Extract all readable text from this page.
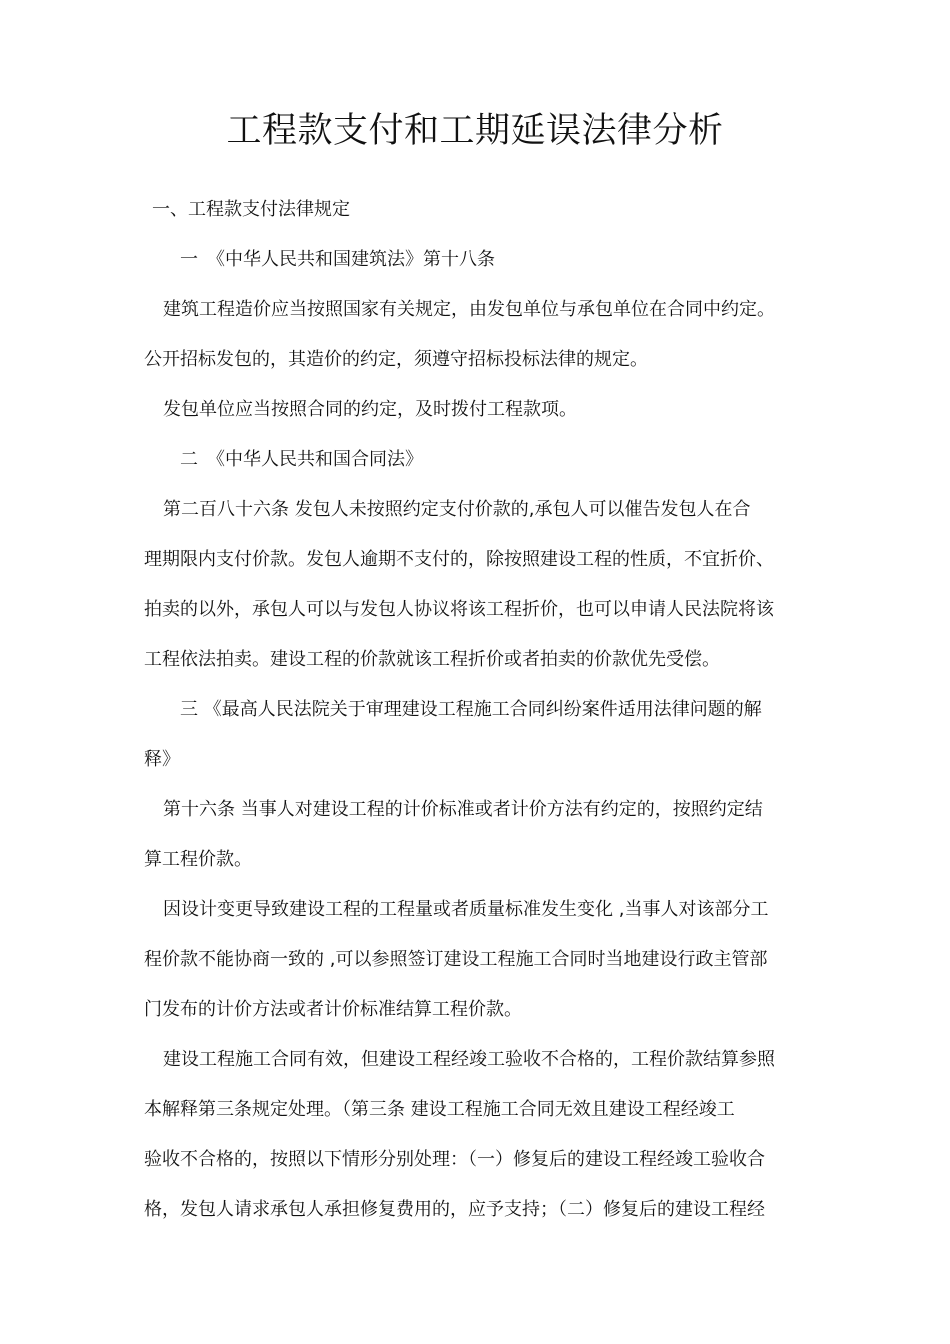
工程款支付和工期延误法律分析
一、工程款支付法律规定
一　《中华人民共和国建筑法》第十八条
建筑工程造价应当按照国家有关规定，由发包单位与承包单位在合同中约定。
公开招标发包的，其造价的约定，须遵守招标投标法律的规定。
发包单位应当按照合同的约定，及时拨付工程款项。
二　《中华人民共和国合同法》
第二百八十六条 发包人未按照约定支付价款的,承包人可以催告发包人在合
理期限内支付价款。发包人逾期不支付的，除按照建设工程的性质，不宜折价、
拍卖的以外，承包人可以与发包人协议将该工程折价，也可以申请人民法院将该
工程依法拍卖。建设工程的价款就该工程折价或者拍卖的价款优先受偿。
三 《最高人民法院关于审理建设工程施工合同纠纷案件适用法律问题的解
释》
第十六条 当事人对建设工程的计价标准或者计价方法有约定的，按照约定结
算工程价款。
因设计变更导致建设工程的工程量或者质量标准发生变化 ,当事人对该部分工
程价款不能协商一致的 ,可以参照签订建设工程施工合同时当地建设行政主管部
门发布的计价方法或者计价标准结算工程价款。
建设工程施工合同有效，但建设工程经竣工验收不合格的，工程价款结算参照
本解释第三条规定处理。（第三条 建设工程施工合同无效且建设工程经竣工
验收不合格的，按照以下情形分别处理：（一）修复后的建设工程经竣工验收合
格，发包人请求承包人承担修复费用的，应予支持；（二）修复后的建设工程经
